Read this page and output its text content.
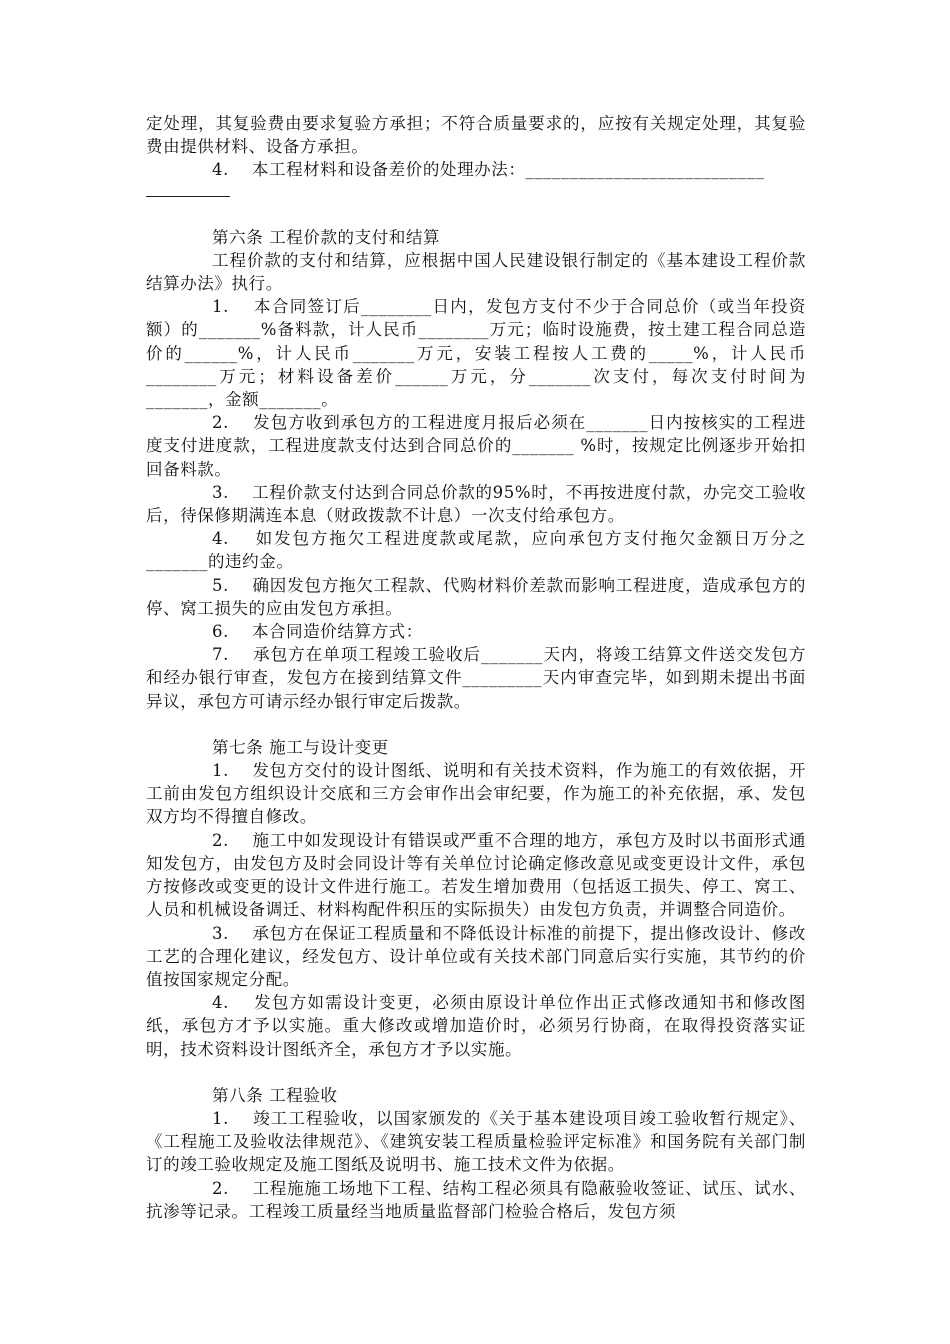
定处理，其复验费由要求复验方承担；不符合质量要求的，应按有关规定处理，其复验费由提供材料、设备方承担。

4.　 本工程材料和设备差价的处理办法：___________________________

第六条 工程价款的支付和结算

工程价款的支付和结算，应根据中国人民建设银行制定的《基本建设工程价款结算办法》执行。

1.　 本合同签订后________日内，发包方支付不少于合同总价（或当年投资额）的_______%备料款，计人民币________万元；临时设施费，按土建工程合同总造价的______%，计人民币_______万元，安装工程按人工费的_____%，计人民币________万元；材料设备差价______万元，分_______次支付，每次支付时间为_______，金额_______。

2.　 发包方收到承包方的工程进度月报后必须在_______日内按核实的工程进度支付进度款，工程进度款支付达到合同总价的_______ %时，按规定比例逐步开始扣回备料款。

3.　 工程价款支付达到合同总价款的95%时，不再按进度付款，办完交工验收后，待保修期满连本息（财政拨款不计息）一次支付给承包方。

4.　 如发包方拖欠工程进度款或尾款，应向承包方支付拖欠金额日万分之_______的违约金。

5.　 确因发包方拖欠工程款、代购材料价差款而影响工程进度，造成承包方的停、窝工损失的应由发包方承担。

6.　 本合同造价结算方式：

7.　 承包方在单项工程竣工验收后_______天内，将竣工结算文件送交发包方和经办银行审查，发包方在接到结算文件_________天内审查完毕，如到期未提出书面异议，承包方可请示经办银行审定后拨款。

第七条 施工与设计变更

1.　 发包方交付的设计图纸、说明和有关技术资料，作为施工的有效依据，开工前由发包方组织设计交底和三方会审作出会审纪要，作为施工的补充依据，承、发包双方均不得擅自修改。

2.　 施工中如发现设计有错误或严重不合理的地方，承包方及时以书面形式通知发包方，由发包方及时会同设计等有关单位讨论确定修改意见或变更设计文件，承包方按修改或变更的设计文件进行施工。若发生增加费用（包括返工损失、停工、窝工、人员和机械设备调迁、材料构配件积压的实际损失）由发包方负责，并调整合同造价。

3.　 承包方在保证工程质量和不降低设计标准的前提下，提出修改设计、修改工艺的合理化建议，经发包方、设计单位或有关技术部门同意后实行实施，其节约的价值按国家规定分配。

4.　 发包方如需设计变更，必须由原设计单位作出正式修改通知书和修改图纸，承包方才予以实施。重大修改或增加造价时，必须另行协商，在取得投资落实证明，技术资料设计图纸齐全，承包方才予以实施。

第八条 工程验收

1.　 竣工工程验收，以国家颁发的《关于基本建设项目竣工验收暂行规定》、《工程施工及验收法律规范》、《建筑安装工程质量检验评定标准》和国务院有关部门制订的竣工验收规定及施工图纸及说明书、施工技术文件为依据。

2.　 工程施施工场地下工程、结构工程必须具有隐蔽验收签证、试压、试水、抗渗等记录。工程竣工质量经当地质量监督部门检验合格后，发包方须
